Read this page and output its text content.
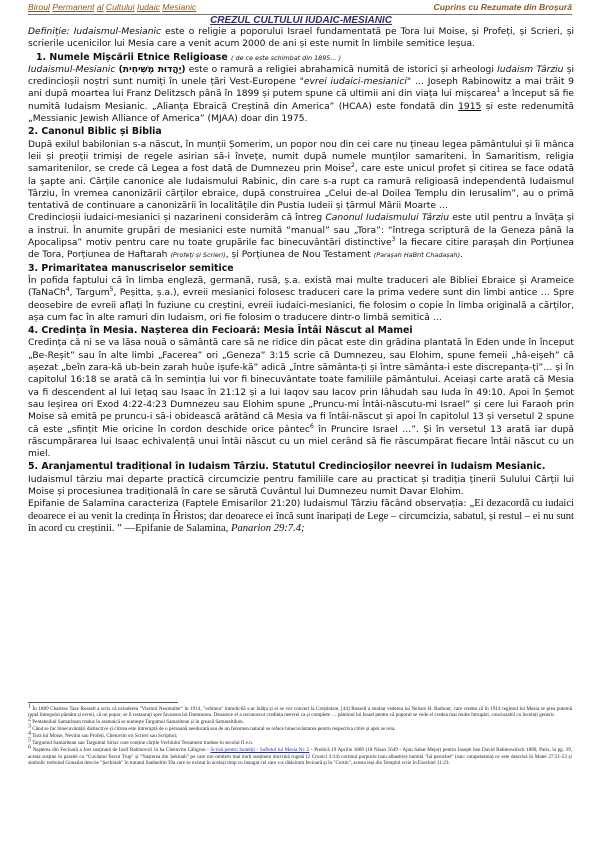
Biroul Permanent al Cultului Iudaic Mesianic	Cuprins cu Rezumate din Broșură

CREZUL CULTULUI IUDAIC-MESIANIC

Definiție: Iudaismul-Mesianic este o religie a poporului Israel fundamentată pe Tora lui Moise, și Profeți, și Scrieri, și scrierile ucenicilor lui Mesia care a venit acum 2000 de ani și este numit în limbile semitice Ieșua.

1. Numele Mișcării Etnice Religioase ( de ce este schimbat din 1895... )

Iudaismul-Mesianic (יַהֲדוּת מְשִׁיחִית) este o ramură a religiei abrahamică numită de istorici și arheologi Iudaism Târziu și credincioșii noștri sunt numiți în unele țări Vest-Europene "evrei iudaici-mesianici" … Joseph Rabinowitz a mai trăit 9 ani după moartea lui Franz Delitzsch până în 1899 și putem spune că ultimii ani din viața lui mișcarea$^1$ a început să fie numită Iudaism Mesianic. „Alianța Ebraică Creștină din America” (HCAA) este fondată din 1915 și este redenumită „Messianic Jewish Alliance of America” (MJAA) doar din 1975.

2. Canonul Biblic și Biblia

După exilul babilonian s-a născut, în munții Șomerim, un popor nou din cei care nu țineau legea pământului și îi mânca leii și preoții trimiși de regele asirian să-i învețe, numit după numele munților samariteni. În Samaritism, religia samaritenilor, se crede că Legea a fost dată de Dumnezeu prin Moise$^2$, care este unicul profet și citirea se face odată la șapte ani. Cărțile canonice ale Iudaismului Rabinic, din care s-a rupt ca ramură religioasă independentă Iudaismul Târziu, în vremea canonizării cărților ebraice, după construirea „Celui de-al Doilea Templu din Ierusalim”, au o primă tentativă de continuare a canonizării în localitățile din Pustia Iudeii și țărmul Mării Moarte …

Credincioșii iudaici-mesianici și nazarineni considerăm că întreg Canonul Iudaismului Târziu este util pentru a învăța și a instrui. În anumite grupări de mesianici este numită “manual” sau „Tora”: “întrega scriptură de la Geneza până la Apocalipsa” motiv pentru care nu toate grupările fac binecuvântări distinctive$^3$ la fiecare citire parașah din Porțiunea de Tora, Porțiunea de Haftarah (Profeți și Scrieri), și Porțiunea de Nou Testament (Parașah HaBrit Chadașah).

3. Primaritatea manuscriselor semitice

În pofida faptului că în limba engleză, germană, rusă, ș.a. există mai multe traduceri ale Bibliei Ebraice și Arameice (TaNaCh$^4$, Targum$^5$, Peșitta, ș.a.), evreii mesianici folosesc traduceri care la prima vedere sunt din limbi antice … Spre deosebire de evreii aflați în fuziune cu creștini, evreii iudaici-mesianici, fie folosim o copie în limba originală a cărților, așa cum fac în alte ramuri din Iudaism, ori fie folosim o traducere dintr-o limbă semitică …

4. Credința în Mesia. Nașterea din Fecioară: Mesia Întâi Născut al Mamei

Credința că ni se va lăsa nouă o sământă care să ne ridice din păcat este din grădina plantată în Eden unde în început „Be-Reșit” sau în alte limbi „Facerea” ori „Geneza” 3:15 scrie că Dumnezeu, sau Elohim, spune femeii „hâ-eișeh” că așezat „beîn zara-kă ub-bein zarah huûe ișufe-kă” adică „între sământa-ți și între sământa-i este discrepanța-ți”… și în capitolul 16:18 se arată că în seminția lui vor fi binecuvântate toate familiile pământului. Aceiași carte arată că Mesia va fi descendent al lui Iețaq sau Isaac în 21:12 și a lui Iaqov sau Iacov prin Iâhudah sau Iuda în 49:10. Apoi în Șemot sau Ieșirea ori Exod 4:22-4:23 Dumnezeu sau Elohim spune „Pruncu-mi Întâi-născutu-mi Israel” și cere lui Faraoh prin Moise să emită pe pruncu-i să-i obidească arătând că Mesia va fi întâi-născut și apoi în capitolul 13 și versetul 2 spune că este „sfințit Mie oricine în cordon deschide orice pântec$^6$ în Pruncire Israel …”. Și în versetul 13 arată iar după răscumpărarea lui Isaac echivalență unui întâi născut cu un miel cerând să fie răscumpărat fiecare întâi născut cu un miel.

5. Aranjamentul tradițional în Iudaism Târziu. Statutul Credincioșilor neevrei în Iudaism Mesianic.

Iudaismul târziu mai departe practică circumcizie pentru familiile care au practicat și tradiția ținerii Sulului Cărții lui Moise și procesiunea tradițională în care se sărută Cuvântul lui Dumnezeu numit Davar Elohim.

Epifanie de Salamina caracteriza (Faptele Emisarilor 21:20) Iudaismul Târziu făcând observația: „Ei dezacordă cu iudaici deoarece ei au venit la credința în Ĥristos; dar deoarece ei încă sunt înaripați de Lege – circumcizia, sabatul, și restul – ei nu sunt în acord cu creștinii. ” —Epifanie de Salamina, Panarion 29:7.4;

1 În 1889 Charless Taze Russell a scris că ucinderea "Viermii Neumulter" în 1914, "orbitera" întredicilă s-ar înălța și ei se vor convert la Creștinism. [44] Russell a studiat vederea lui Nelson H. Barbour, care credea că în 1914 regimul lui Mesia se prea putemă ruptă întregului pământ și evreii, că un popor, se îl restaurați spre favoarea lui Dumnezeu. Deoarece el a recunoscut credința neevrei ca și complete … păminul lui Israel pentru că poporul se vede el credea mai multe întrupări, conciuzabil cu înceinți generic.

2 Pentateuhul Samaritean tradus în aramaică se numește Targumul Samaritean și în greacă Samareitikon.

3 Când se fac binecuvântări distinctive și citirea este întreruptă de o persoană needucată sau de un fenomen natural se reface binecuvântarea pentru respectiva citire și apoi se reia.

4 Tora lui Moise, Neviim sau Profeți, Chetuvim ori Scrieri sau Scripturi;

5 Targumul Samaritean sau Targumul Siriac care conține cărțile Vechiului Testament traduse în secolul II e.n.

6 Nașterea din Fecioară a fost susținută de Iosif Rabinovici în ha Chetuvim Lâligrun - Scrisă pentru Israeliți - Sufletul lui Mesia Nr. 2 - Predică 19 Aprilie 1889 (18 Nisan 5649 - Ajun Sabat Mejot) pentru Joseph ben David Rabinowitsch 1890, Paris, la pg. 39, acesta susține în paralel cu "Cuvântul fiecut Trup" și "Nașterea din Șekinah" pe care noi omitem mai mult susținem doctrină rugetă (2 Cronici 3:14) cortinul purpuriu (sau albastrie) numită "hâ parochet" (sau: catapetasma) ce este descrisă în Matei 27:51-53 și simbolic trebuind Gonailat descrie "Șechinah" în tratatul Sanhedrin 39a care se existat în același timp cu înaugat cel care s-a rătăcitum fecioară și în "Cortin", acesta ieși din Templul scrie în Ezechiel 11:23.
